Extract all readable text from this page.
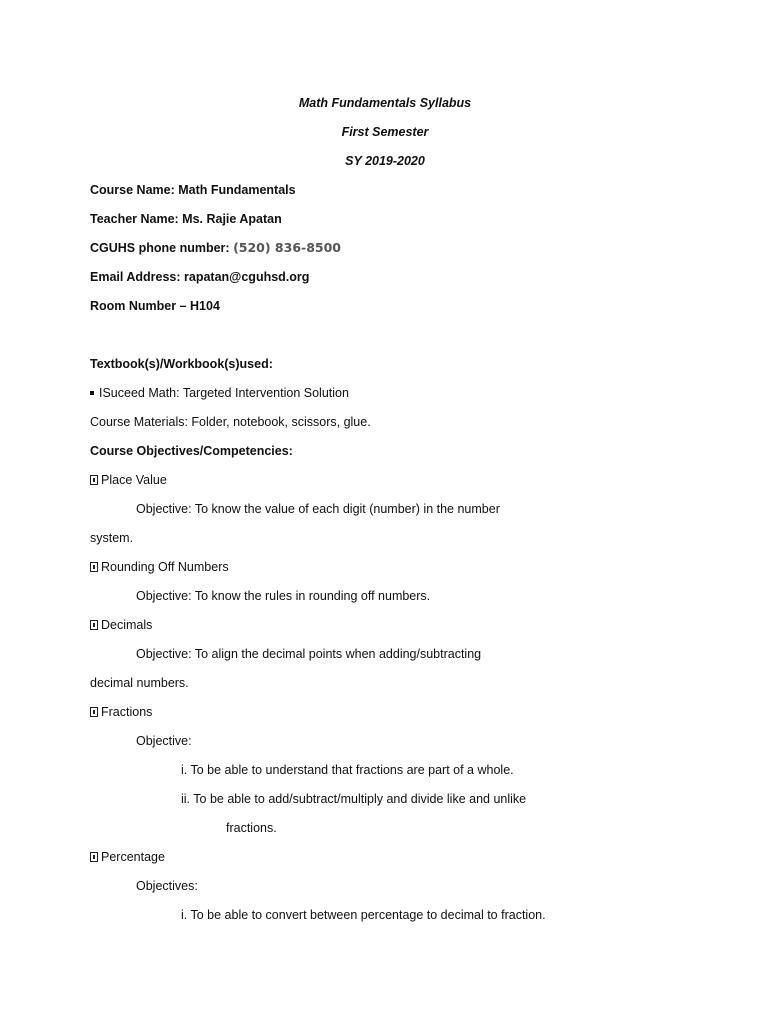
Math Fundamentals Syllabus
First Semester
SY 2019-2020
Course Name: Math Fundamentals
Teacher Name: Ms. Rajie Apatan
CGUHS phone number: (520) 836-8500
Email Address: rapatan@cguhsd.org
Room Number – H104
Textbook(s)/Workbook(s)used:
ISuceed Math: Targeted Intervention Solution
Course Materials: Folder, notebook, scissors, glue.
Course Objectives/Competencies:
Place Value
Objective: To know the value of each digit (number) in the number
system.
Rounding Off Numbers
Objective: To know the rules in rounding off numbers.
Decimals
Objective: To align the decimal points when adding/subtracting
decimal numbers.
Fractions
Objective:
i. To be able to understand that fractions are part of a whole.
ii. To be able to add/subtract/multiply and divide like and unlike
fractions.
Percentage
Objectives:
i. To be able to convert between percentage to decimal to fraction.
